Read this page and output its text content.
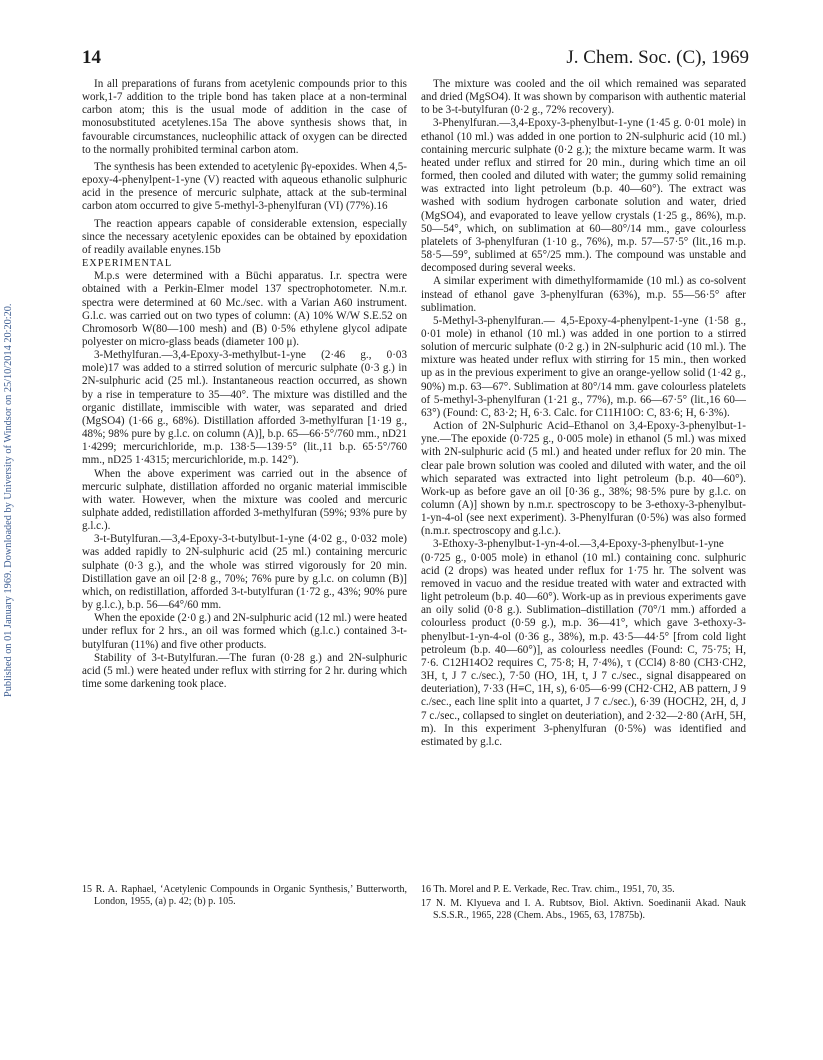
14	J. Chem. Soc. (C), 1969
Published on 01 January 1969. Downloaded by University of Windsor on 25/10/2014 20:20:20.

In all preparations of furans from acetylenic compounds prior to this work,1-7 addition to the triple bond has taken place at a non-terminal carbon atom; this is the usual mode of addition in the case of monosubstituted acetylenes.15a The above synthesis shows that, in favourable circumstances, nucleophilic attack of oxygen can be directed to the normally prohibited terminal carbon atom.

The synthesis has been extended to acetylenic βγ-epoxides. When 4,5-epoxy-4-phenylpent-1-yne (V) reacted with aqueous ethanolic sulphuric acid in the presence of mercuric sulphate, attack at the sub-terminal carbon atom occurred to give 5-methyl-3-phenylfuran (VI) (77%).16

The reaction appears capable of considerable extension, especially since the necessary acetylenic epoxides can be obtained by epoxidation of readily available enynes.15b

EXPERIMENTAL

M.p.s were determined with a Büchi apparatus. I.r. spectra were obtained with a Perkin-Elmer model 137 spectrophotometer. N.m.r. spectra were determined at 60 Mc./sec. with a Varian A60 instrument. G.l.c. was carried out on two types of column: (A) 10% W/W S.E.52 on Chromosorb W(80—100 mesh) and (B) 0·5% ethylene glycol adipate polyester on micro-glass beads (diameter 100 μ).

3-Methylfuran.—3,4-Epoxy-3-methylbut-1-yne (2·46 g., 0·03 mole)17 was added to a stirred solution of mercuric sulphate (0·3 g.) in 2N-sulphuric acid (25 ml.). Instantaneous reaction occurred, as shown by a rise in temperature to 35—40°. The mixture was distilled and the organic distillate, immiscible with water, was separated and dried (MgSO4) (1·66 g., 68%). Distillation afforded 3-methylfuran [1·19 g., 48%; 98% pure by g.l.c. on column (A)], b.p. 65—66·5°/760 mm., nD21 1·4299; mercurichloride, m.p. 138·5—139·5° (lit.,11 b.p. 65·5°/760 mm., nD25 1·4315; mercurichloride, m.p. 142°).

When the above experiment was carried out in the absence of mercuric sulphate, distillation afforded no organic material immiscible with water. However, when the mixture was cooled and mercuric sulphate added, redistillation afforded 3-methylfuran (59%; 93% pure by g.l.c.).

3-t-Butylfuran.—3,4-Epoxy-3-t-butylbut-1-yne (4·02 g., 0·032 mole) was added rapidly to 2N-sulphuric acid (25 ml.) containing mercuric sulphate (0·3 g.), and the whole was stirred vigorously for 20 min. Distillation gave an oil [2·8 g., 70%; 76% pure by g.l.c. on column (B)] which, on redistillation, afforded 3-t-butylfuran (1·72 g., 43%; 90% pure by g.l.c.), b.p. 56—64°/60 mm.

When the epoxide (2·0 g.) and 2N-sulphuric acid (12 ml.) were heated under reflux for 2 hrs., an oil was formed which (g.l.c.) contained 3-t-butylfuran (11%) and five other products.

Stability of 3-t-Butylfuran.—The furan (0·28 g.) and 2N-sulphuric acid (5 ml.) were heated under reflux with stirring for 2 hr. during which time some darkening took place.

The mixture was cooled and the oil which remained was separated and dried (MgSO4). It was shown by comparison with authentic material to be 3-t-butylfuran (0·2 g., 72% recovery).

3-Phenylfuran.—3,4-Epoxy-3-phenylbut-1-yne (1·45 g. 0·01 mole) in ethanol (10 ml.) was added in one portion to 2N-sulphuric acid (10 ml.) containing mercuric sulphate (0·2 g.); the mixture became warm. It was heated under reflux and stirred for 20 min., during which time an oil formed, then cooled and diluted with water; the gummy solid remaining was extracted into light petroleum (b.p. 40—60°). The extract was washed with sodium hydrogen carbonate solution and water, dried (MgSO4), and evaporated to leave yellow crystals (1·25 g., 86%), m.p. 50—54°, which, on sublimation at 60—80°/14 mm., gave colourless platelets of 3-phenylfuran (1·10 g., 76%), m.p. 57—57·5° (lit.,16 m.p. 58·5—59°, sublimed at 65°/25 mm.). The compound was unstable and decomposed during several weeks.

A similar experiment with dimethylformamide (10 ml.) as co-solvent instead of ethanol gave 3-phenylfuran (63%), m.p. 55—56·5° after sublimation.

5-Methyl-3-phenylfuran.— 4,5-Epoxy-4-phenylpent-1-yne (1·58 g., 0·01 mole) in ethanol (10 ml.) was added in one portion to a stirred solution of mercuric sulphate (0·2 g.) in 2N-sulphuric acid (10 ml.). The mixture was heated under reflux with stirring for 15 min., then worked up as in the previous experiment to give an orange-yellow solid (1·42 g., 90%) m.p. 63—67°. Sublimation at 80°/14 mm. gave colourless platelets of 5-methyl-3-phenylfuran (1·21 g., 77%), m.p. 66—67·5° (lit.,16 60—63°) (Found: C, 83·2; H, 6·3. Calc. for C11H10O: C, 83·6; H, 6·3%).

Action of 2N-Sulphuric Acid–Ethanol on 3,4-Epoxy-3-phenylbut-1-yne.—The epoxide (0·725 g., 0·005 mole) in ethanol (5 ml.) was mixed with 2N-sulphuric acid (5 ml.) and heated under reflux for 20 min. The clear pale brown solution was cooled and diluted with water, and the oil which separated was extracted into light petroleum (b.p. 40—60°). Work-up as before gave an oil [0·36 g., 38%; 98·5% pure by g.l.c. on column (A)] shown by n.m.r. spectroscopy to be 3-ethoxy-3-phenylbut-1-yn-4-ol (see next experiment). 3-Phenylfuran (0·5%) was also formed (n.m.r. spectroscopy and g.l.c.).

3-Ethoxy-3-phenylbut-1-yn-4-ol.—3,4-Epoxy-3-phenylbut-1-yne (0·725 g., 0·005 mole) in ethanol (10 ml.) containing conc. sulphuric acid (2 drops) was heated under reflux for 1·75 hr. The solvent was removed in vacuo and the residue treated with water and extracted with light petroleum (b.p. 40—60°). Work-up as in previous experiments gave an oily solid (0·8 g.). Sublimation–distillation (70°/1 mm.) afforded a colourless product (0·59 g.), m.p. 36—41°, which gave 3-ethoxy-3-phenylbut-1-yn-4-ol (0·36 g., 38%), m.p. 43·5—44·5° [from cold light petroleum (b.p. 40—60°)], as colourless needles (Found: C, 75·75; H, 7·6. C12H14O2 requires C, 75·8; H, 7·4%), τ (CCl4) 8·80 (CH3·CH2, 3H, t, J 7 c./sec.), 7·50 (HO, 1H, t, J 7 c./sec., signal disappeared on deuteriation), 7·33 (H≡C, 1H, s), 6·05—6·99 (CH2·CH2, AB pattern, J 9 c./sec., each line split into a quartet, J 7 c./sec.), 6·39 (HOCH2, 2H, d, J 7 c./sec., collapsed to singlet on deuteriation), and 2·32—2·80 (ArH, 5H, m). In this experiment 3-phenylfuran (0·5%) was identified and estimated by g.l.c.

15 R. A. Raphael, ‘Acetylenic Compounds in Organic Synthesis,’ Butterworth, London, 1955, (a) p. 42; (b) p. 105.

16 Th. Morel and P. E. Verkade, Rec. Trav. chim., 1951, 70, 35.

17 N. M. Klyueva and I. A. Rubtsov, Biol. Aktivn. Soedinanii Akad. Nauk S.S.S.R., 1965, 228 (Chem. Abs., 1965, 63, 17875b).
